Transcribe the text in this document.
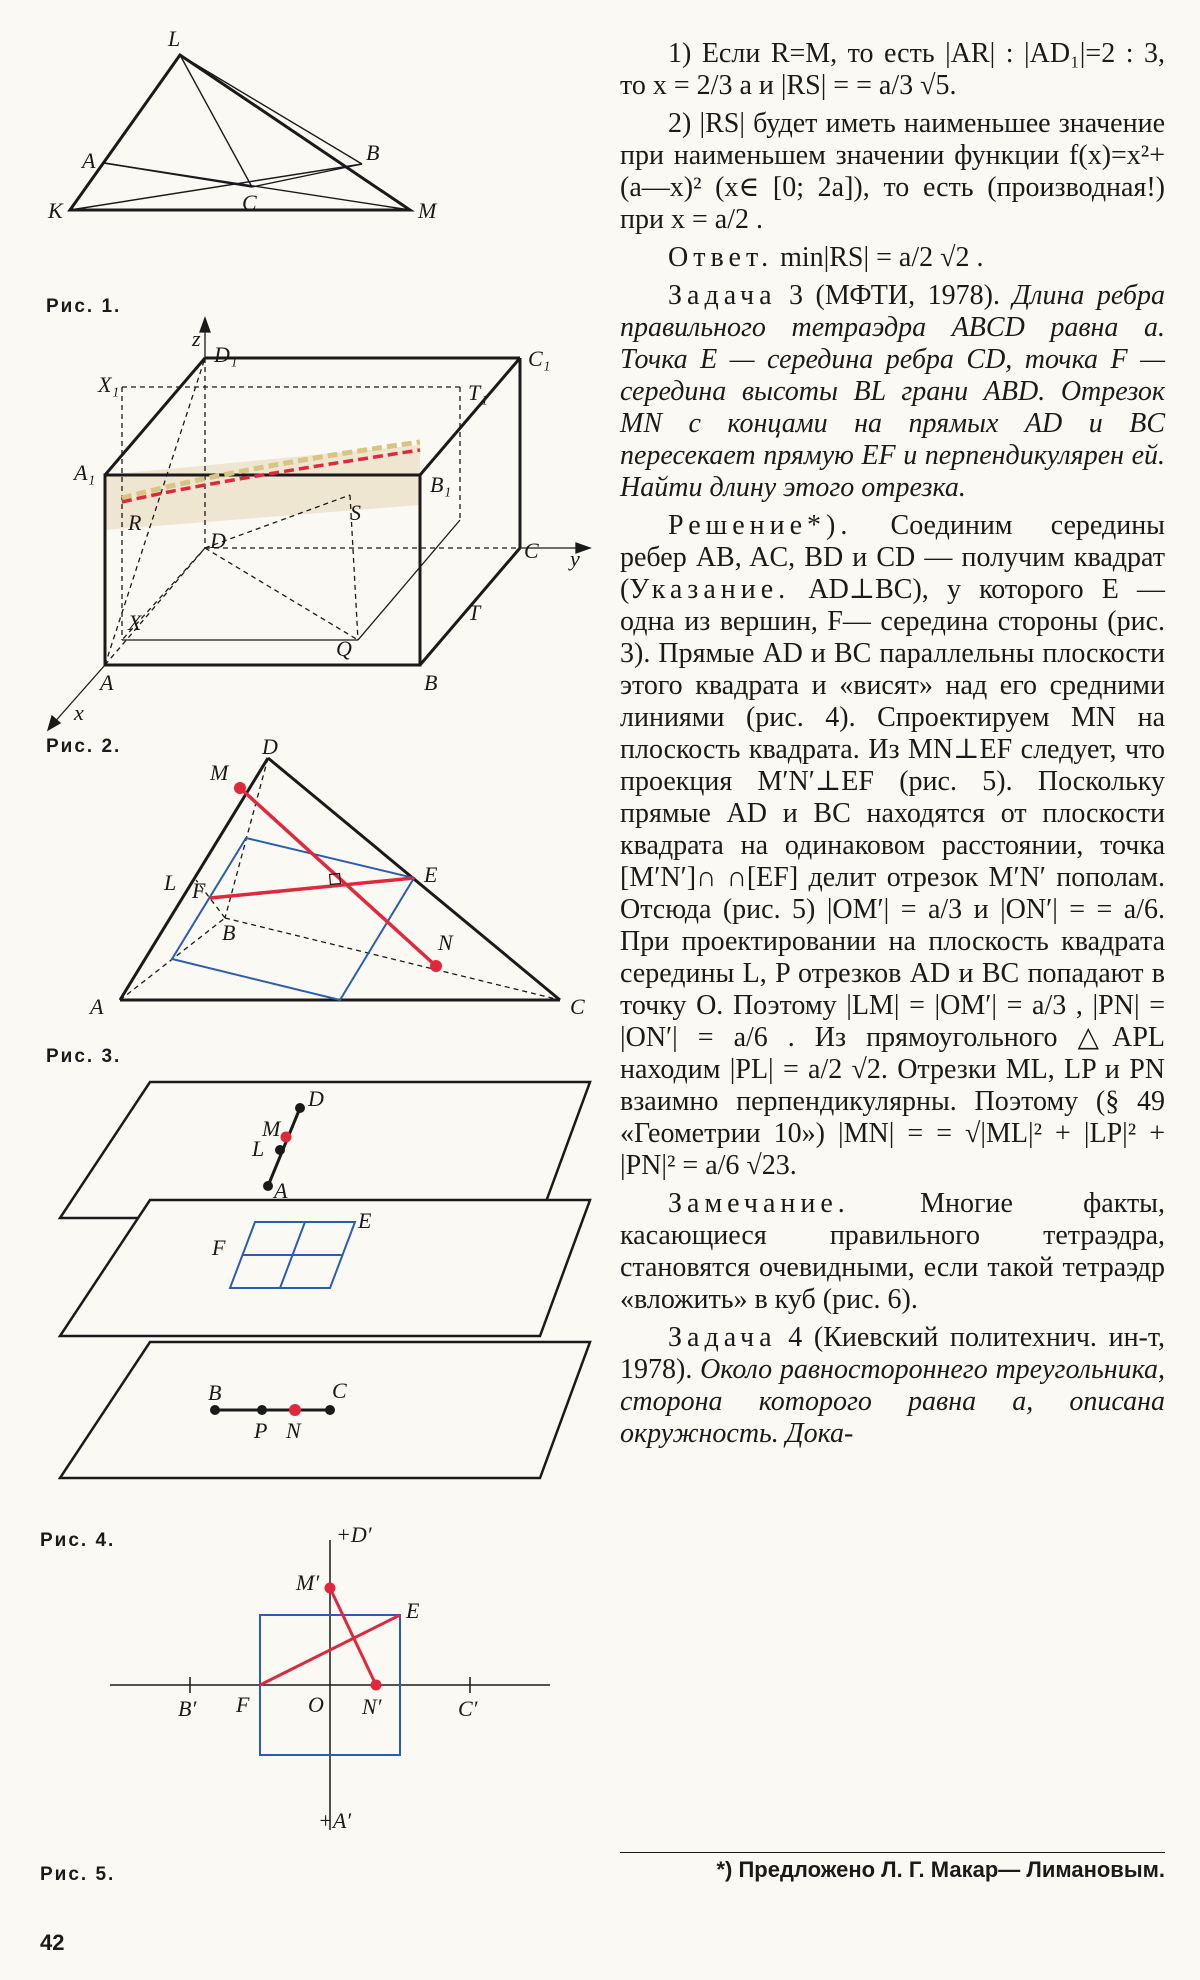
L
A	B
C
K	M
Рис. 1.
z
D₁	C₁
X₁	T₁
A₁	B₁
R
D
S
C y
X
Q
T
A	B
x
Рис. 2.	D
M
L F
E
B	N
A	C
Рис. 3.
D
M
L
A
F
E
B
P N
C
Рис. 4.	+D′
M′
E
B′ F	O N′	C′
+A′
Рис. 5.

1) Если R=M, то есть |AR| : |AD₁|=2 : 3, то x = 2/3 a и |RS| = = a/3 √5.

2) |RS| будет иметь наименьшее значение при наименьшем значении функции f(x)=x²+(a—x)² (x∈ [0; 2a]), то есть (производная!) при x = a/2 .

Ответ. min|RS| = a/2 √2 .

Задача 3 (МФТИ, 1978). Длина ребра правильного тетраэдра ABCD равна a. Точка E — середина ребра CD, точка F — середина высоты BL грани ABD. Отрезок MN с концами на прямых AD и BC пересекает прямую EF и перпендикулярен ей. Найти длину этого отрезка.

Решение*). Соединим середины ребер AB, AC, BD и CD — получим квадрат (Указание. AD⊥BC), у которого E — одна из вершин, F— середина стороны (рис. 3). Прямые AD и BC параллельны плоскости этого квадрата и «висят» над его средними линиями (рис. 4). Спроектируем MN на плоскость квадрата. Из MN⊥EF следует, что проекция M′N′⊥EF (рис. 5). Поскольку прямые AD и BC находятся от плоскости квадрата на одинаковом расстоянии, точка [M′N′]∩ ∩[EF] делит отрезок M′N′ пополам. Отсюда (рис. 5) |OM′| = a/3 и |ON′| = = a/6. При проектировании на плоскость квадрата середины L, P отрезков AD и BC попадают в точку O. Поэтому |LM| = |OM′| = a/3 , |PN| = |ON′| = a/6 . Из прямоугольного △APL находим |PL| = a/2 √2. Отрезки ML, LP и PN взаимно перпендикулярны. Поэтому (§ 49 «Геометрии 10») |MN| = = √|ML|² + |LP|² + |PN|² = a/6 √23.

Замечание.	Многие факты, касающиеся правильного тетраэдра, становятся очевидными, если такой тетраэдр «вложить» в куб (рис. 6).

Задача 4 (Киевский политехнич. ин-т, 1978). Около равностороннего треугольника, сторона которого равна a, описана окружность. Дока-

*) Предложено Л. Г. Макар— Лимановым.
42
